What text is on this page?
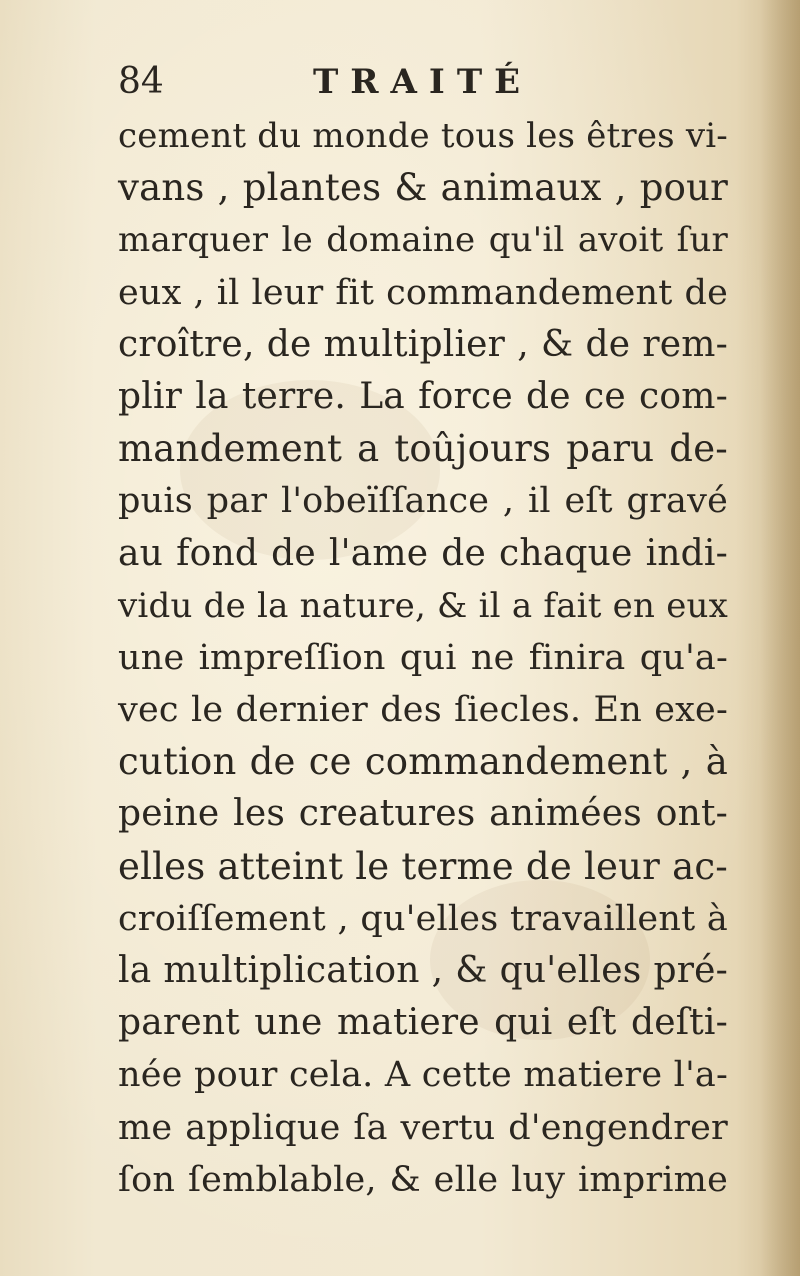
84	TRAITÉ
cement du monde tous les êtres vi-
vans , plantes & animaux , pour
marquer le domaine qu'il avoit ſur
eux , il leur fit commandement de
croître, de multiplier , & de rem-
plir la terre. La force de ce com-
mandement a toûjours paru de-
puis par l'obeïſſance , il eſt gravé
au fond de l'ame de chaque indi-
vidu de la nature, & il a fait en eux
une impreſſion qui ne finira qu'a-
vec le dernier des ſiecles. En exe-
cution de ce commandement , à
peine les creatures animées ont-
elles atteint le terme de leur ac-
croiſſement , qu'elles travaillent à
la multiplication , & qu'elles pré-
parent une matiere qui eſt deſti-
née pour cela. A cette matiere l'a-
me applique ſa vertu d'engendrer
ſon ſemblable, & elle luy imprime
